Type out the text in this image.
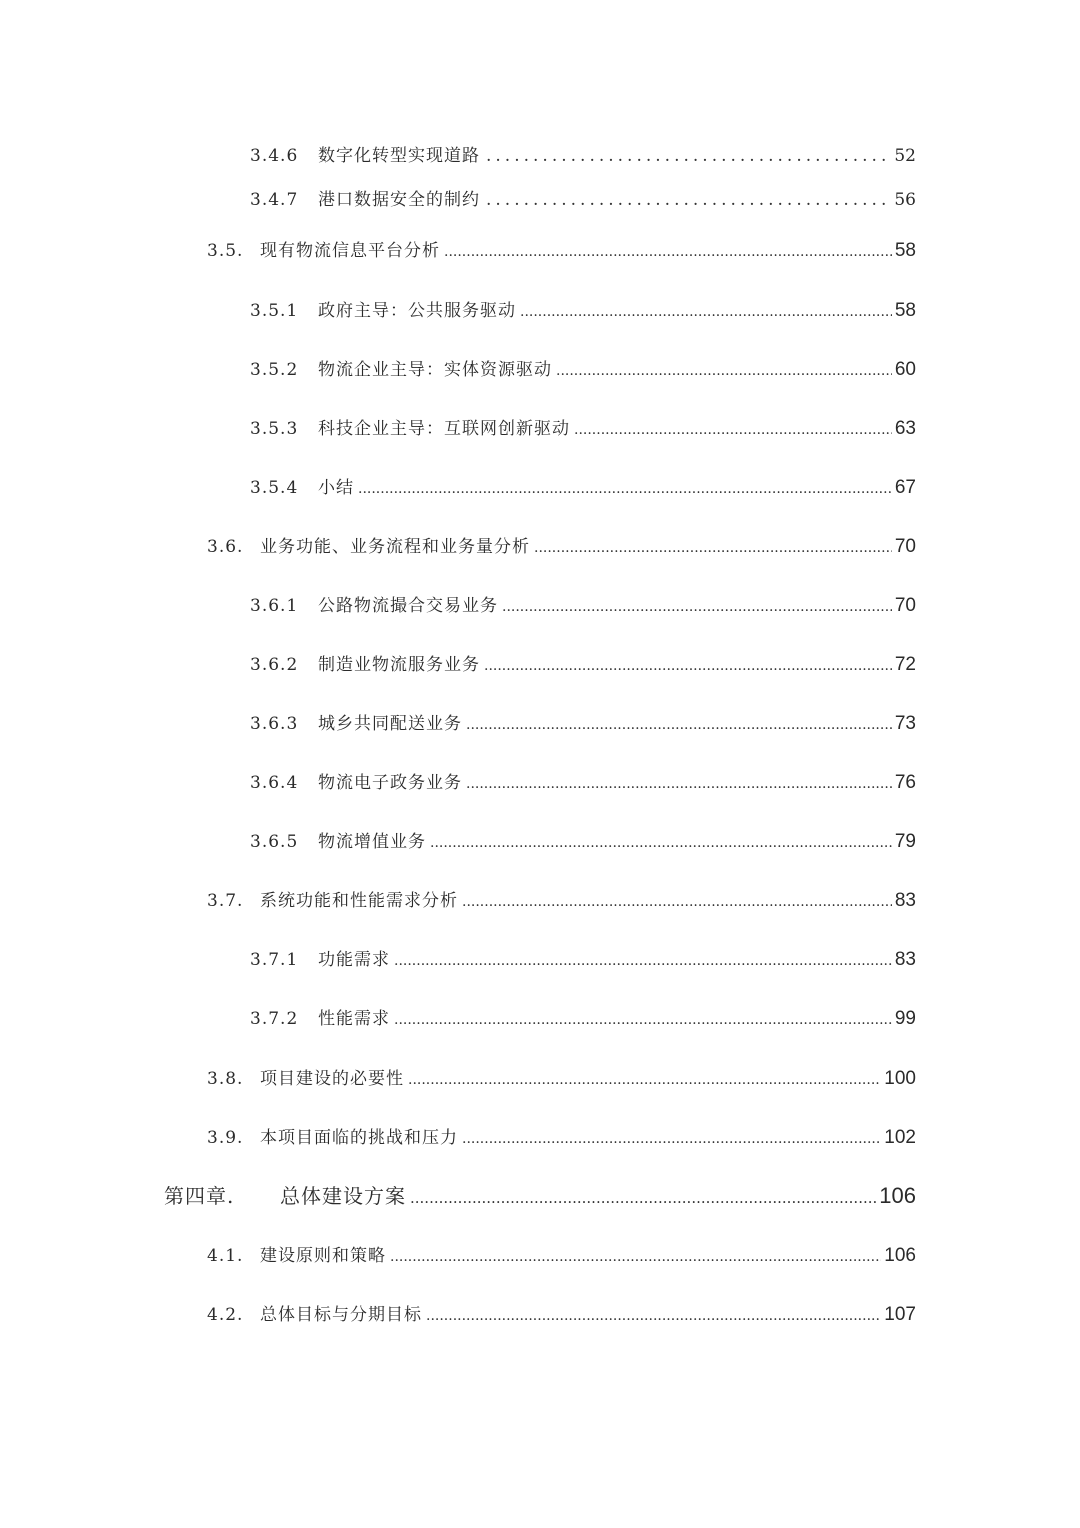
3.4.6	数字化转型实现道路 .....	52
3.4.7	港口数据安全的制约 .....	56
3.5. 现有物流信息平台分析 .....	58
3.5.1	政府主导：公共服务驱动 .....	58
3.5.2	物流企业主导：实体资源驱动 .....	60
3.5.3	科技企业主导：互联网创新驱动 .....	63
3.5.4	小结 .....	67
3.6. 业务功能、业务流程和业务量分析 .....	70
3.6.1	公路物流撮合交易业务 .....	70
3.6.2	制造业物流服务业务 .....	72
3.6.3	城乡共同配送业务 .....	73
3.6.4	物流电子政务业务 .....	76
3.6.5	物流增值业务 .....	79
3.7. 系统功能和性能需求分析 .....	83
3.7.1	功能需求 .....	83
3.7.2	性能需求 .....	99
3.8. 项目建设的必要性 .....	100
3.9. 本项目面临的挑战和压力 .....	102
第四章.	总体建设方案 .....	106
4.1. 建设原则和策略 .....	106
4.2. 总体目标与分期目标 .....	107
